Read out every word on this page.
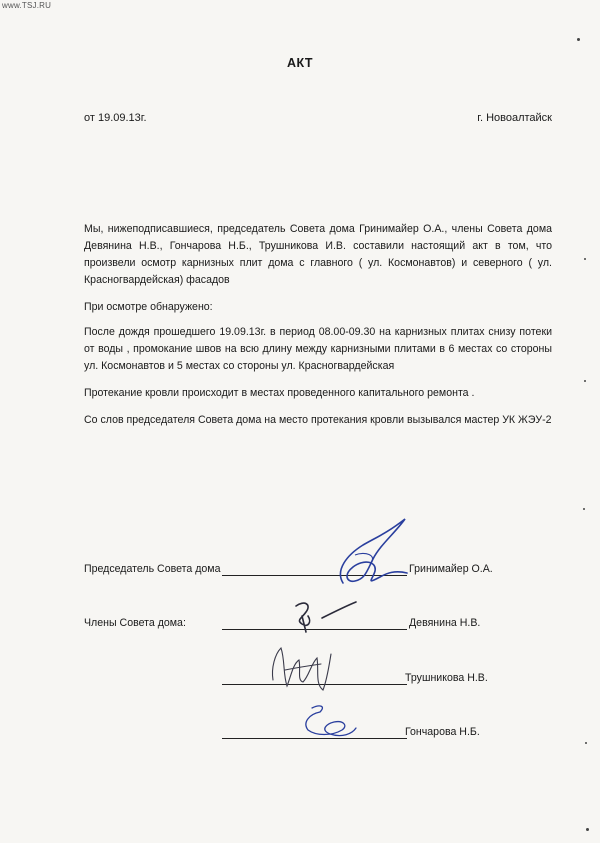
www.TSJ.RU
АКТ
от 19.09.13г.	г. Новоалтайск

Мы, нижеподписавшиеся, председатель Совета дома Гринимайер О.А., члены Совета дома Девянина Н.В., Гончарова Н.Б., Трушникова И.В. составили настоящий акт в том, что произвели осмотр карнизных плит дома с главного ( ул. Космонавтов) и северного ( ул. Красногвардейская) фасадов

При осмотре обнаружено:

После дождя прошедшего 19.09.13г. в период 08.00-09.30 на карнизных плитах снизу потеки от воды , промокание швов на всю длину между карнизными плитами в 6 местах со стороны ул. Космонавтов и 5 местах со стороны ул. Красногвардейская

Протекание кровли происходит в местах проведенного капитального ремонта .

Со слов председателя Совета дома на место протекания кровли вызывался мастер УК ЖЭУ-2

Председатель Совета дома	Гринимайер О.А.
Члены Совета дома:	Девянина Н.В.
Трушникова Н.В.
Гончарова Н.Б.
